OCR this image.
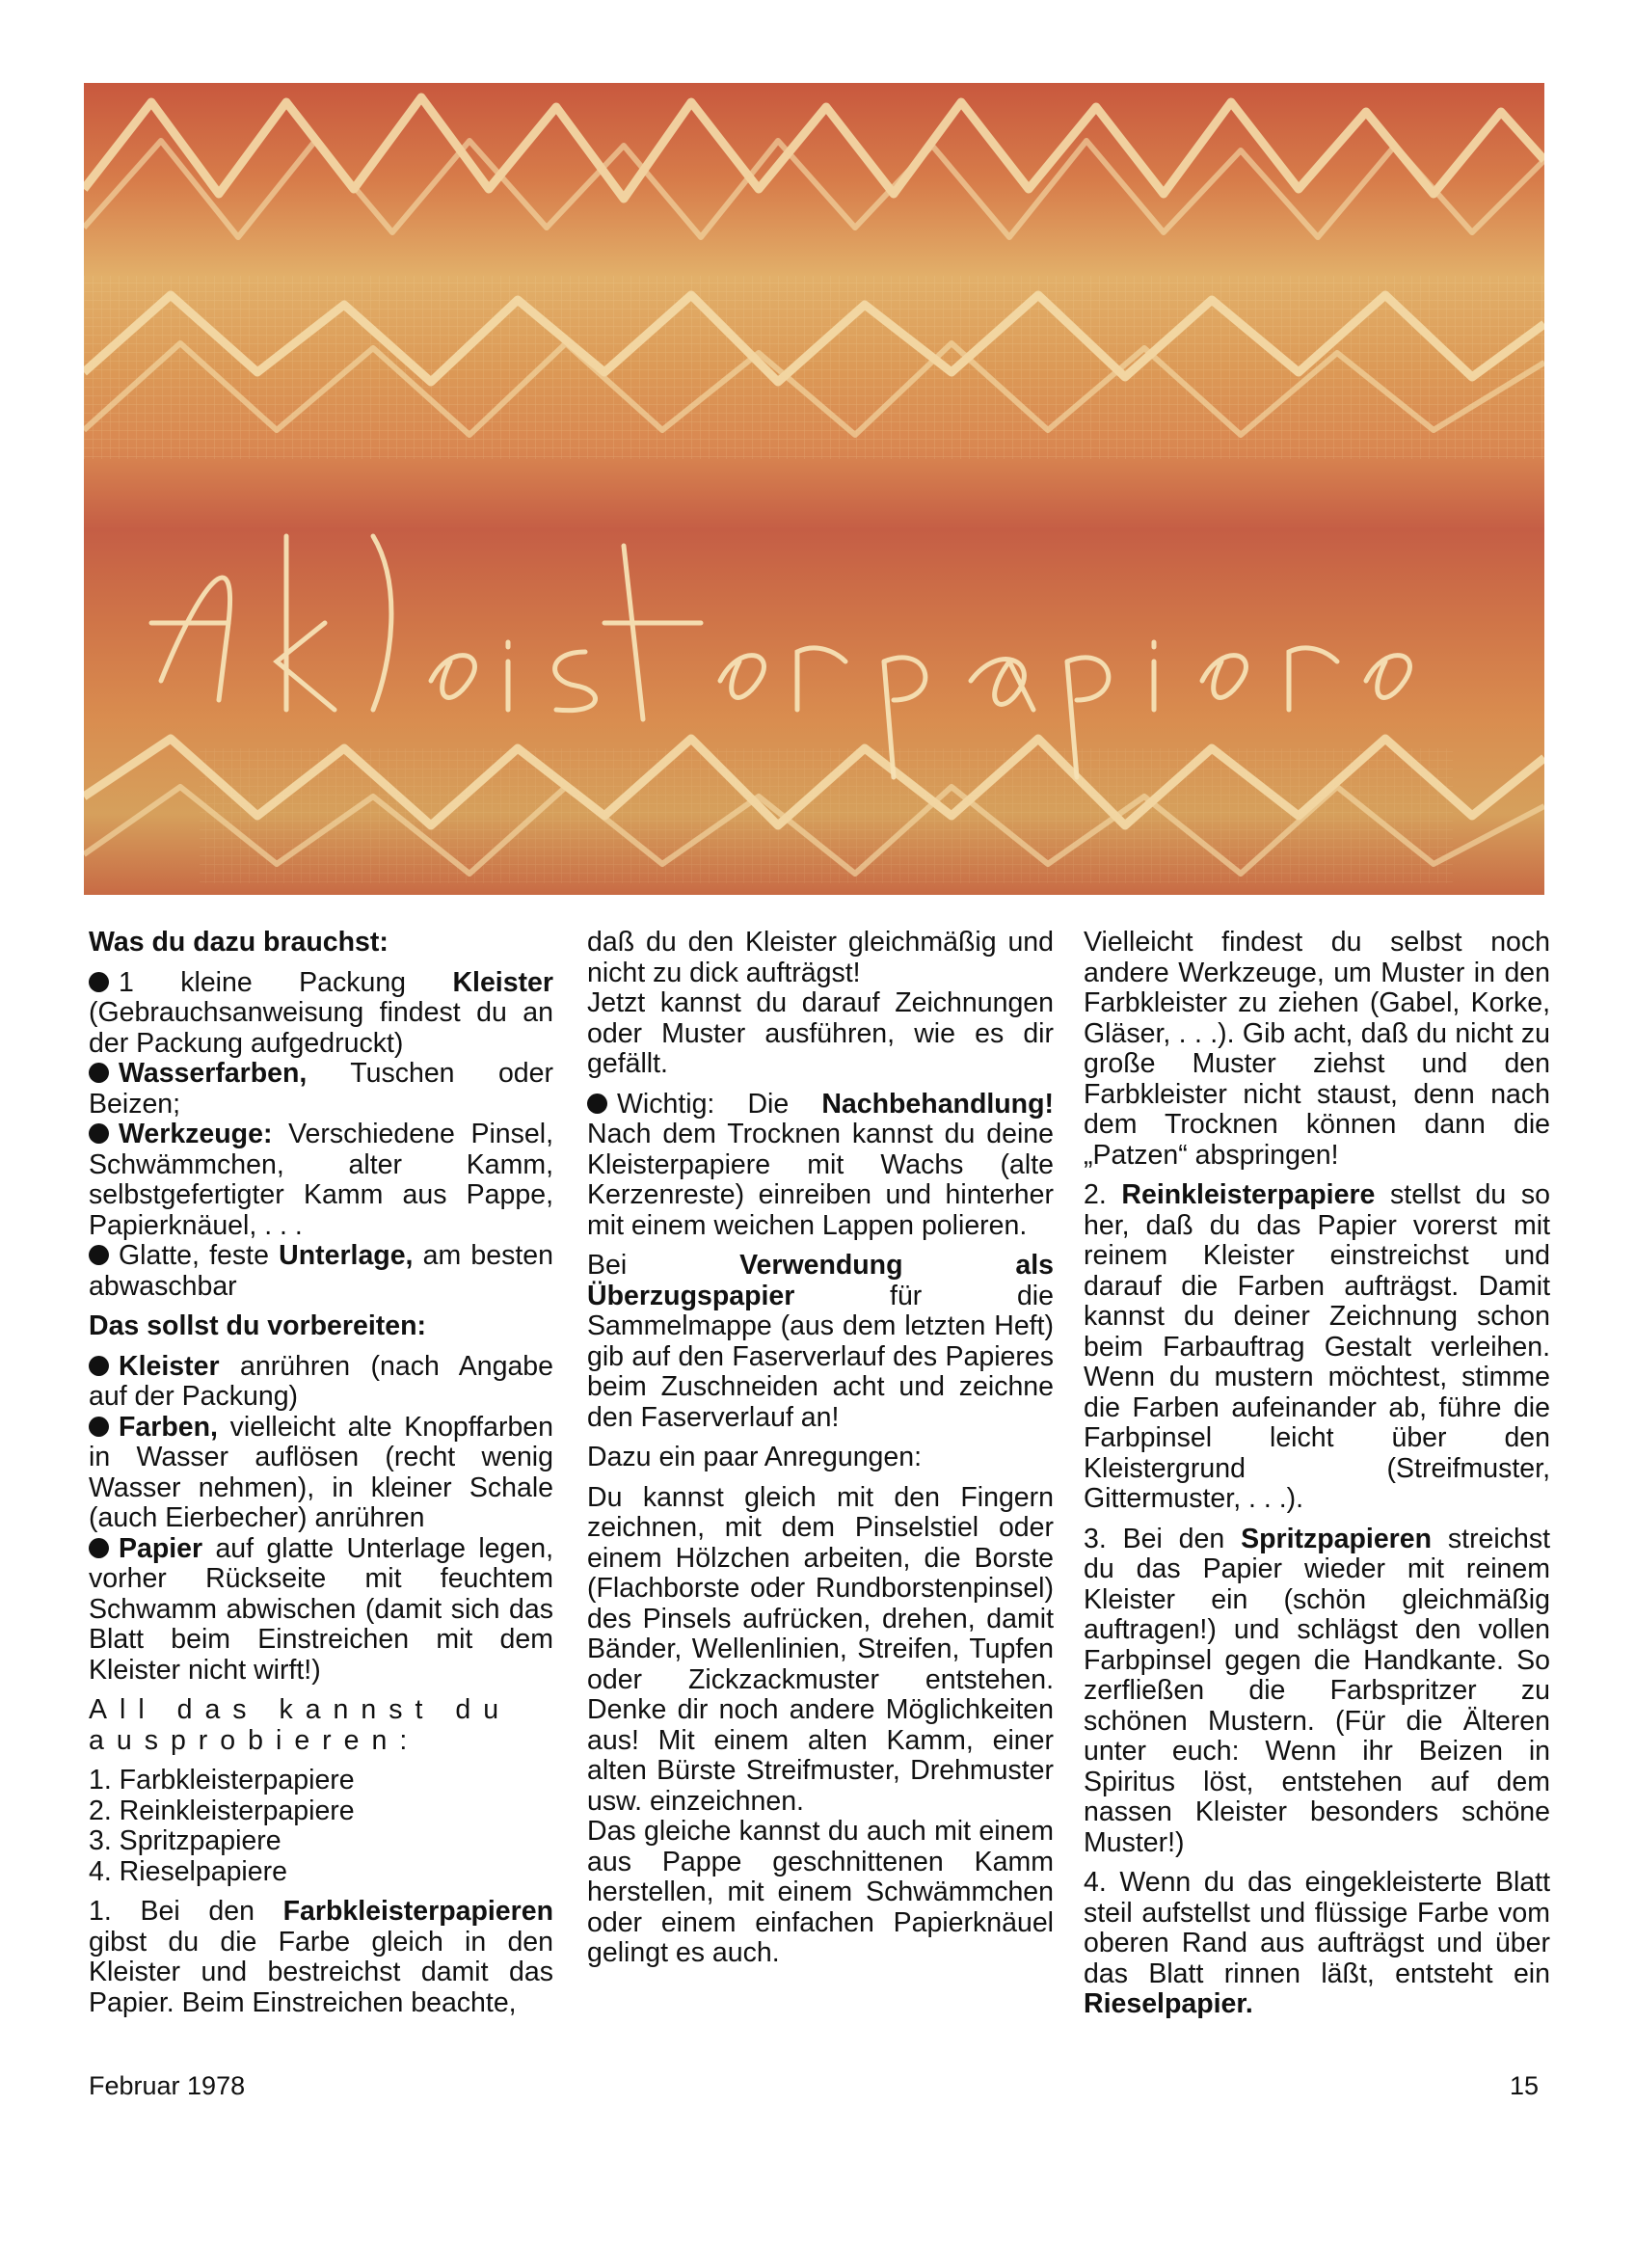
Was du dazu brauchst:

1 kleine Packung Kleister (Gebrauchsanweisung findest du an der Packung aufgedruckt)

Wasserfarben, Tuschen oder Beizen;

Werkzeuge: Verschiedene Pinsel, Schwämmchen, alter Kamm, selbstgefertigter Kamm aus Pappe, Papierknäuel, . . .

Glatte, feste Unterlage, am besten abwaschbar

Das sollst du vorbereiten:

Kleister anrühren (nach Angabe auf der Packung)

Farben, vielleicht alte Knopffarben in Wasser auflösen (recht wenig Wasser nehmen), in kleiner Schale (auch Eierbecher) anrühren

Papier auf glatte Unterlage legen, vorher Rückseite mit feuchtem Schwamm abwischen (damit sich das Blatt beim Einstreichen mit dem Kleister nicht wirft!)

All das kannst du ausprobieren:

1. Farbkleisterpapiere
2. Reinkleisterpapiere
3. Spritzpapiere
4. Rieselpapiere

1. Bei den Farbkleisterpapieren gibst du die Farbe gleich in den Kleister und bestreichst damit das Papier. Beim Einstreichen beachte,

daß du den Kleister gleichmäßig und nicht zu dick aufträgst!

Jetzt kannst du darauf Zeichnungen oder Muster ausführen, wie es dir gefällt.

Wichtig: Die Nachbehandlung! Nach dem Trocknen kannst du deine Kleisterpapiere mit Wachs (alte Kerzenreste) einreiben und hinterher mit einem weichen Lappen polieren.

Bei Verwendung als Überzugspapier für die Sammelmappe (aus dem letzten Heft) gib auf den Faserverlauf des Papieres beim Zuschneiden acht und zeichne den Faserverlauf an!

Dazu ein paar Anregungen:

Du kannst gleich mit den Fingern zeichnen, mit dem Pinselstiel oder einem Hölzchen arbeiten, die Borste (Flachborste oder Rundborstenpinsel) des Pinsels aufrücken, drehen, damit Bänder, Wellenlinien, Streifen, Tupfen oder Zickzackmuster entstehen. Denke dir noch andere Möglichkeiten aus! Mit einem alten Kamm, einer alten Bürste Streifmuster, Drehmuster usw. einzeichnen.

Das gleiche kannst du auch mit einem aus Pappe geschnittenen Kamm herstellen, mit einem Schwämmchen oder einem einfachen Papierknäuel gelingt es auch.

Vielleicht findest du selbst noch andere Werkzeuge, um Muster in den Farbkleister zu ziehen (Gabel, Korke, Gläser, . . .). Gib acht, daß du nicht zu große Muster ziehst und den Farbkleister nicht staust, denn nach dem Trocknen können dann die „Patzen“ abspringen!

2. Reinkleisterpapiere stellst du so her, daß du das Papier vorerst mit reinem Kleister einstreichst und darauf die Farben aufträgst. Damit kannst du deiner Zeichnung schon beim Farbauftrag Gestalt verleihen. Wenn du mustern möchtest, stimme die Farben aufeinander ab, führe die Farbpinsel leicht über den Kleistergrund (Streifmuster, Gittermuster, . . .).

3. Bei den Spritzpapieren streichst du das Papier wieder mit reinem Kleister ein (schön gleichmäßig auftragen!) und schlägst den vollen Farbpinsel gegen die Handkante. So zerfließen die Farbspritzer zu schönen Mustern. (Für die Älteren unter euch: Wenn ihr Beizen in Spiritus löst, entstehen auf dem nassen Kleister besonders schöne Muster!)

4. Wenn du das eingekleisterte Blatt steil aufstellst und flüssige Farbe vom oberen Rand aus aufträgst und über das Blatt rinnen läßt, entsteht ein Rieselpapier.

Februar 1978	15
